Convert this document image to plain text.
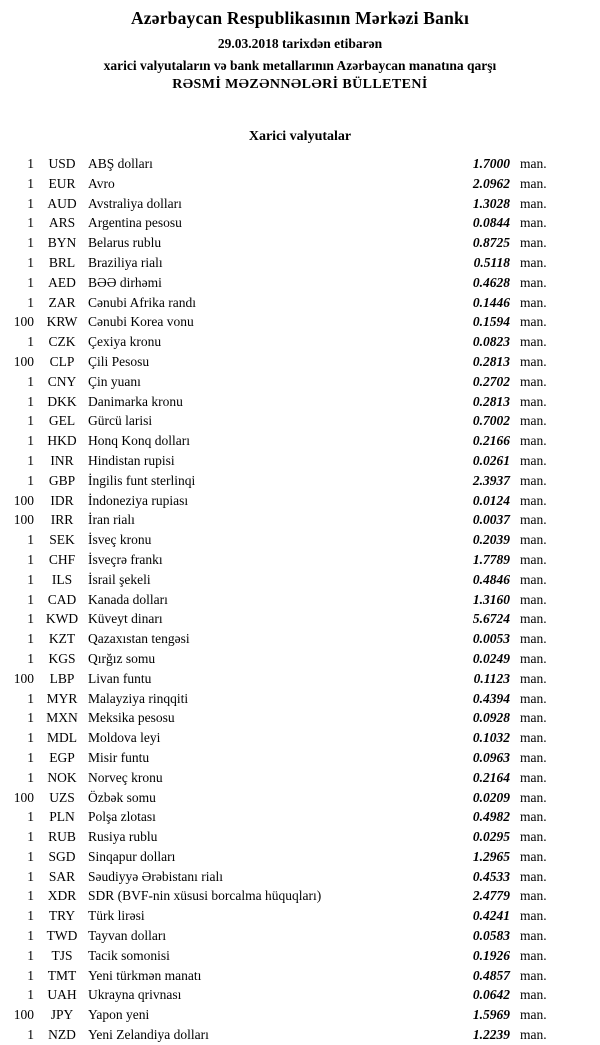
Azərbaycan Respublikasının Mərkəzi Bankı
29.03.2018 tarixdən etibarən
xarici valyutaların və bank metallarının Azərbaycan manatına qarşı
RƏSMİ MƏZƏNNƏLƏRİ BÜLLETENİ
Xarici valyutalar
1	USD ABŞ dolları	1.7000 man.
1	EUR Avro	2.0962 man.
1 AUD Avstraliya dolları	1.3028 man.
1	ARS Argentina pesosu	0.0844 man.
1	BYN Belarus rublu	0.8725 man.
1	BRL Braziliya rialı	0.5118 man.
1	AED BƏƏ dirhəmi	0.4628 man.
1	ZAR Cənubi Afrika randı	0.1446 man.
100 KRW Cənubi Korea vonu	0.1594 man.
1	CZK Çexiya kronu	0.0823 man.
100	CLP	Çili Pesosu	0.2813 man.
1	CNY Çin yuanı	0.2702 man.
1 DKK Danimarka kronu	0.2813 man.
1	GEL Gürcü larisi	0.7002 man.
1 HKD Honq Konq dolları	0.2166 man.
1	INR	Hindistan rupisi	0.0261 man.
1	GBP İngilis funt sterlinqi	2.3937 man.
100	IDR	İndoneziya rupiası	0.0124 man.
100	IRR	İran rialı	0.0037 man.
1	SEK İsveç kronu	0.2039 man.
1	CHF İsveçrə frankı	1.7789 man.
1	ILS	İsrail şekeli	0.4846 man.
1	CAD Kanada dolları	1.3160 man.
1 KWD Küveyt dinarı	5.6724 man.
1	KZT Qazaxıstan tengəsi	0.0053 man.
1	KGS Qırğız somu	0.0249 man.
100	LBP	Livan funtu	0.1123 man.
1 MYR Malayziya rinqqiti	0.4394 man.
1 MXN Meksika pesosu	0.0928 man.
1 MDL Moldova leyi	0.1032 man.
1	EGP Misir funtu	0.0963 man.
1 NOK Norveç kronu	0.2164 man.
100	UZS Özbək somu	0.0209 man.
1	PLN Polşa zlotası	0.4982 man.
1	RUB Rusiya rublu	0.0295 man.
1	SGD Sinqapur dolları	1.2965 man.
1	SAR Səudiyyə Ərəbistanı rialı	0.4533 man.
1	XDR SDR (BVF-nin xüsusi borcalma hüquqları)	2.4779 man.
1	TRY Türk lirəsi	0.4241 man.
1 TWD Tayvan dolları	0.0583 man.
1	TJS	Tacik somonisi	0.1926 man.
1	TMT Yeni türkmən manatı	0.4857 man.
1 UAH Ukrayna qrivnası	0.0642 man.
100	JPY	Yapon yeni	1.5969 man.
1	NZD Yeni Zelandiya dolları	1.2239 man.
